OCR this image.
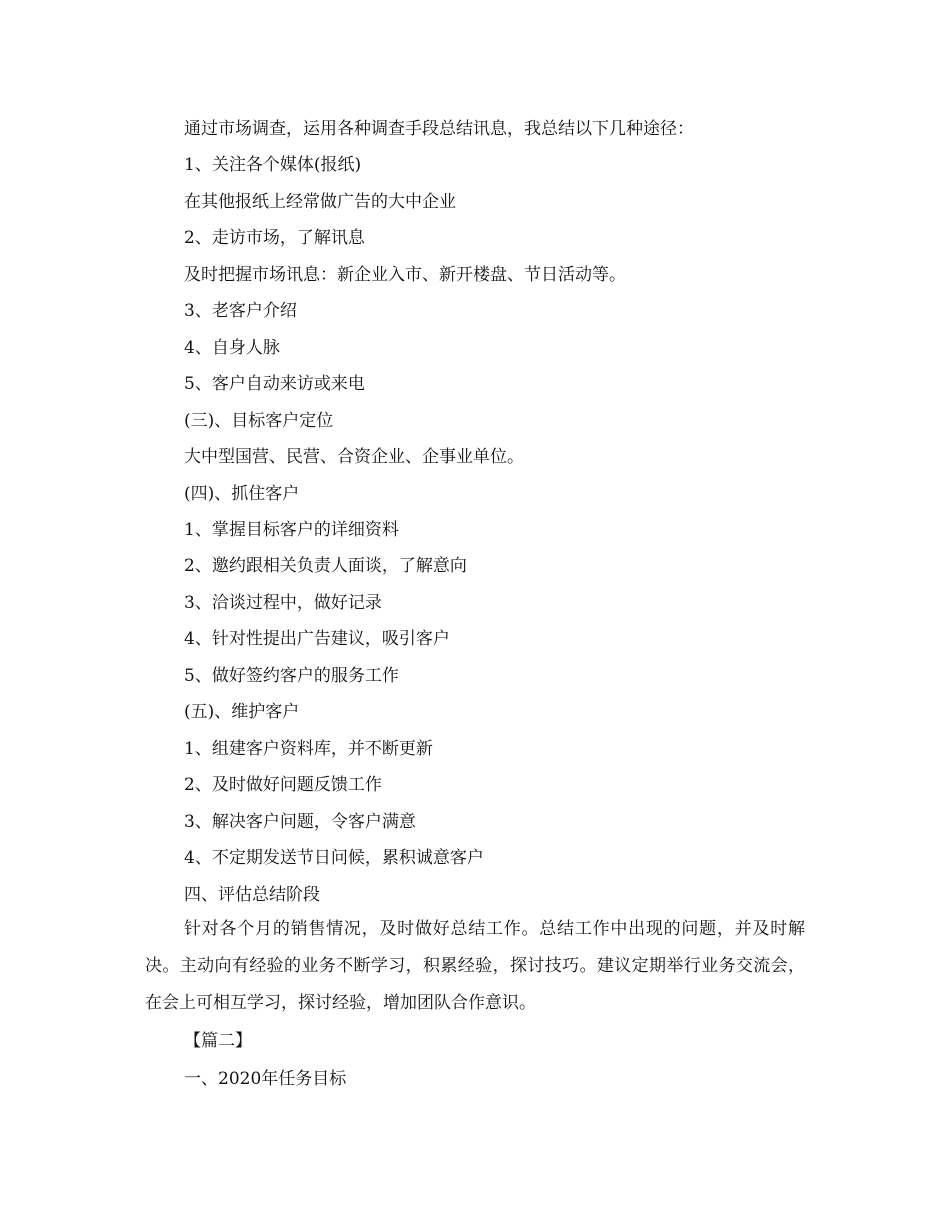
通过市场调查，运用各种调查手段总结讯息，我总结以下几种途径：
1、关注各个媒体(报纸)
在其他报纸上经常做广告的大中企业
2、走访市场，了解讯息
及时把握市场讯息：新企业入市、新开楼盘、节日活动等。
3、老客户介绍
4、自身人脉
5、客户自动来访或来电
(三)、目标客户定位
大中型国营、民营、合资企业、企事业单位。
(四)、抓住客户
1、掌握目标客户的详细资料
2、邀约跟相关负责人面谈，了解意向
3、洽谈过程中，做好记录
4、针对性提出广告建议，吸引客户
5、做好签约客户的服务工作
(五)、维护客户
1、组建客户资料库，并不断更新
2、及时做好问题反馈工作
3、解决客户问题，令客户满意
4、不定期发送节日问候，累积诚意客户
四、评估总结阶段
针对各个月的销售情况，及时做好总结工作。总结工作中出现的问题，并及时解决。主动向有经验的业务不断学习，积累经验，探讨技巧。建议定期举行业务交流会，在会上可相互学习，探讨经验，增加团队合作意识。
【篇二】
一、2020年任务目标
